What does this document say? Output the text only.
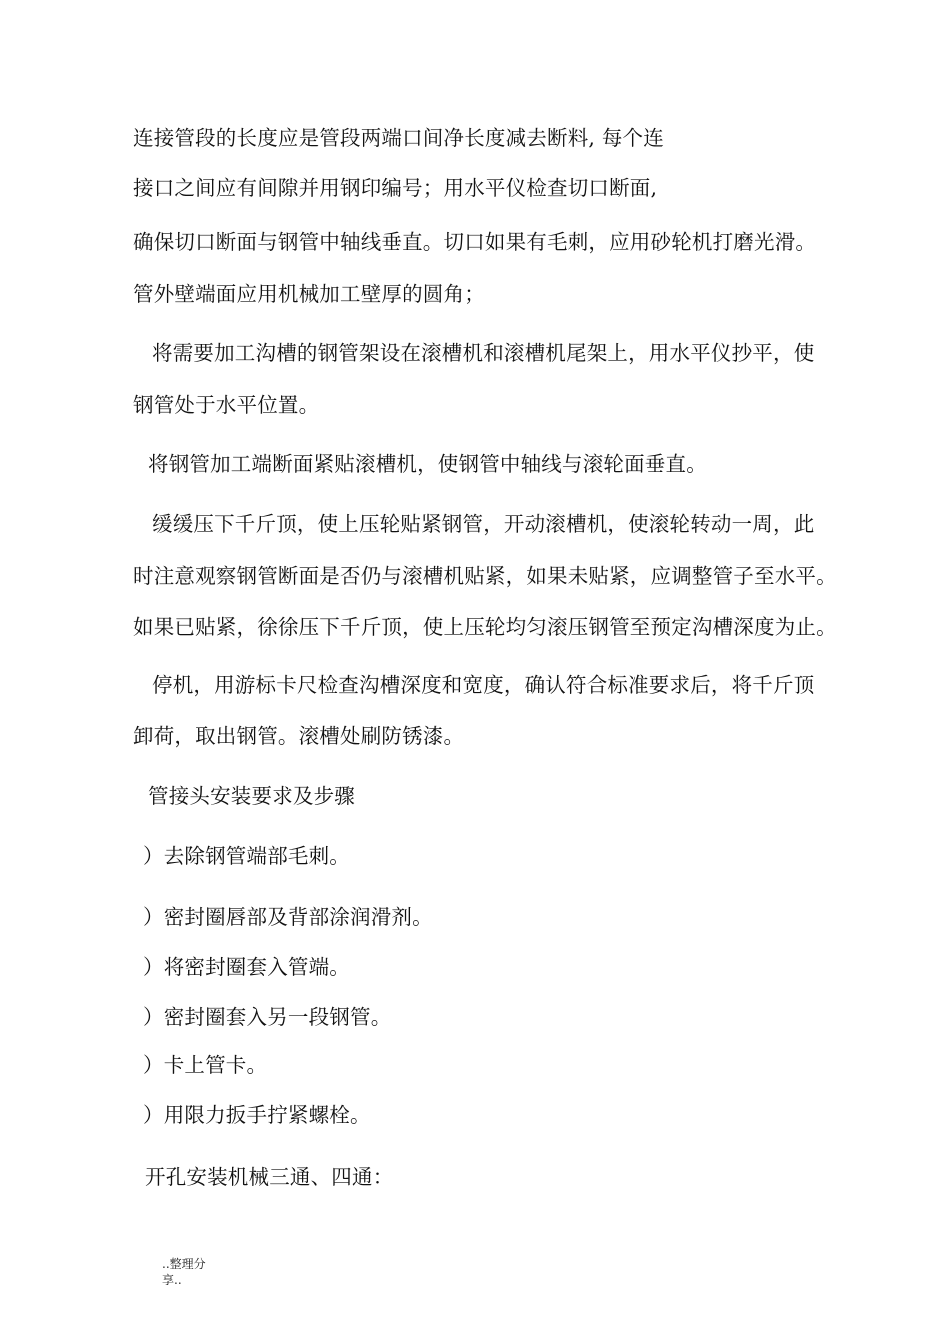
连接管段的长度应是管段两端口间净长度减去断料, 每个连
接口之间应有间隙并用钢印编号；用水平仪检查切口断面,
确保切口断面与钢管中轴线垂直。切口如果有毛刺，应用砂轮机打磨光滑。
管外壁端面应用机械加工壁厚的圆角；
将需要加工沟槽的钢管架设在滚槽机和滚槽机尾架上，用水平仪抄平，使
钢管处于水平位置。
将钢管加工端断面紧贴滚槽机，使钢管中轴线与滚轮面垂直。
缓缓压下千斤顶，使上压轮贴紧钢管，开动滚槽机，使滚轮转动一周，此
时注意观察钢管断面是否仍与滚槽机贴紧，如果未贴紧，应调整管子至水平。
如果已贴紧，徐徐压下千斤顶，使上压轮均匀滚压钢管至预定沟槽深度为止。
停机，用游标卡尺检查沟槽深度和宽度，确认符合标准要求后，将千斤顶
卸荷，取出钢管。滚槽处刷防锈漆。
管接头安装要求及步骤
）去除钢管端部毛刺。
）密封圈唇部及背部涂润滑剂。
）将密封圈套入管端。
）密封圈套入另一段钢管。
）卡上管卡。
）用限力扳手拧紧螺栓。
开孔安装机械三通、四通：
..整理分享..
